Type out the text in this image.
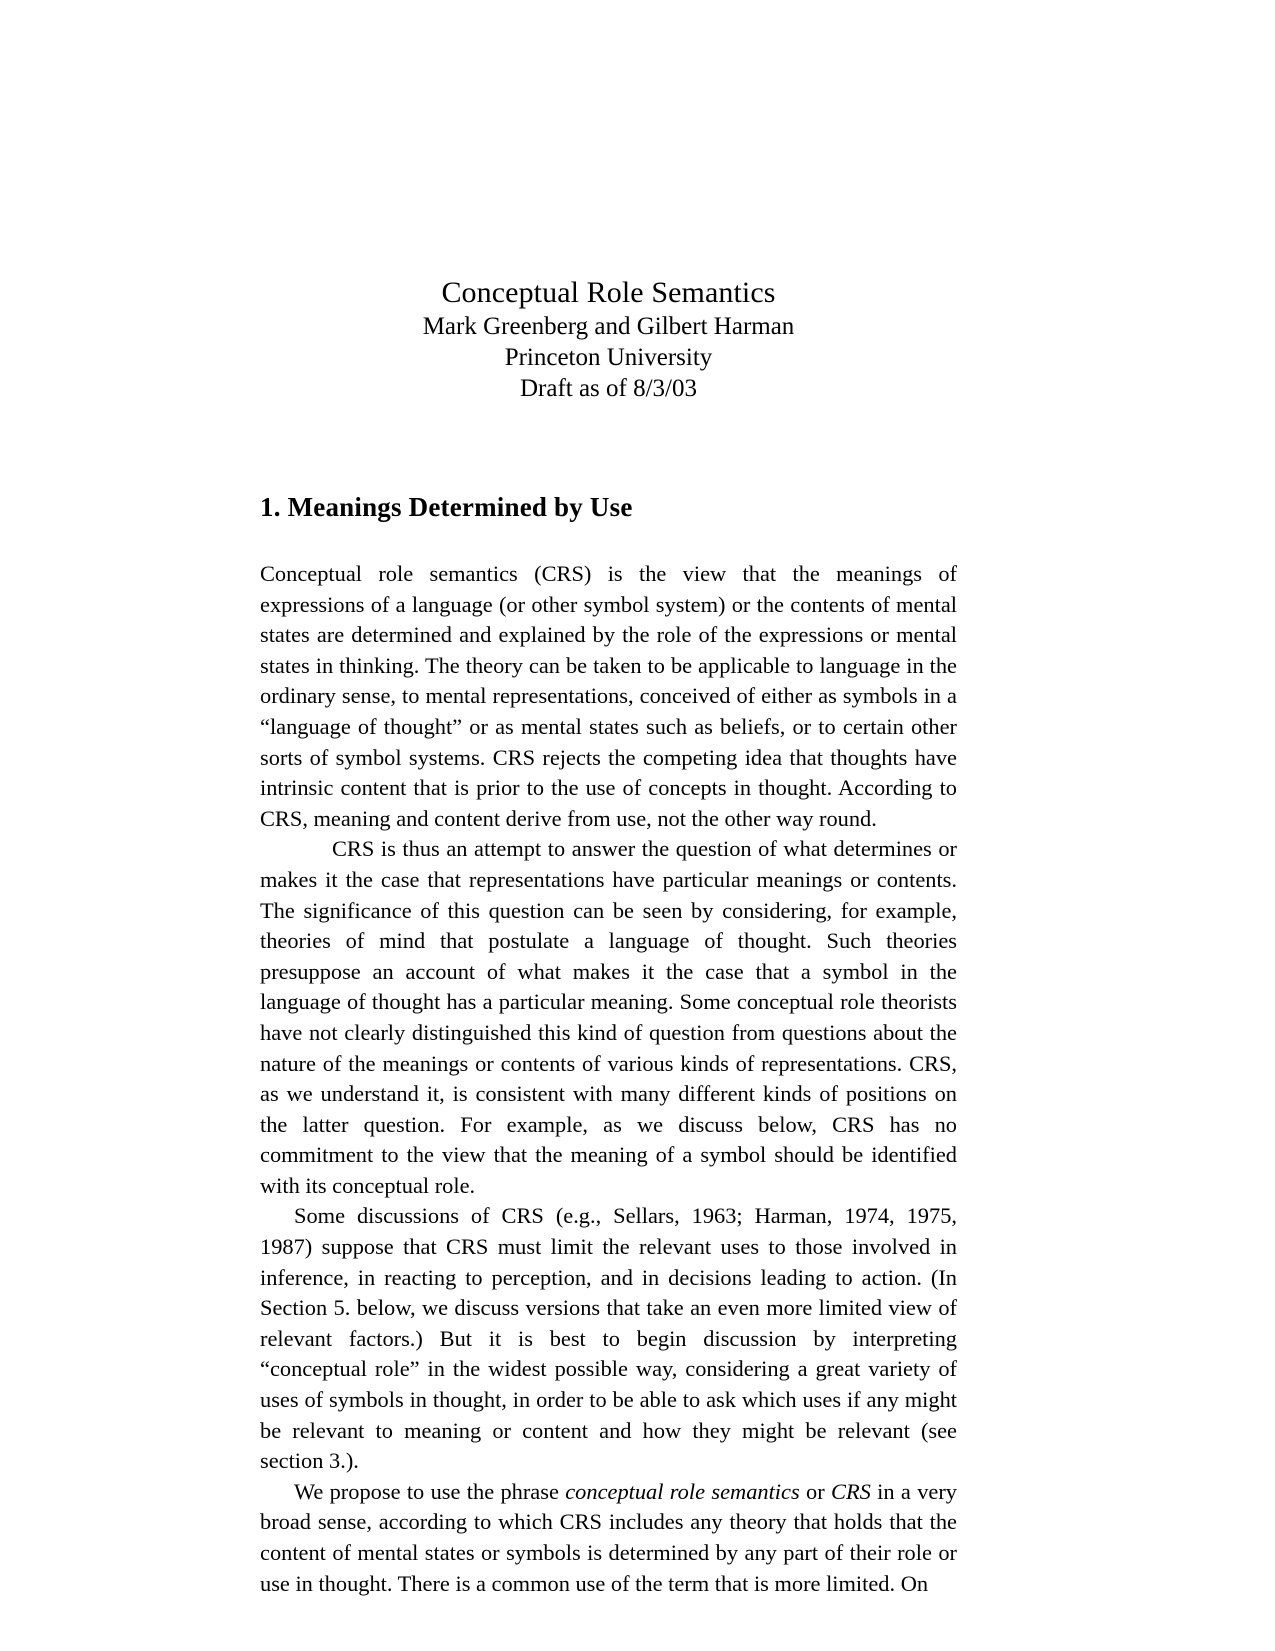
Conceptual Role Semantics
Mark Greenberg and Gilbert Harman
Princeton University
Draft as of 8/3/03
1. Meanings Determined by Use

Conceptual role semantics (CRS) is the view that the meanings of expressions of a language (or other symbol system) or the contents of mental states are determined and explained by the role of the expressions or mental states in thinking. The theory can be taken to be applicable to language in the ordinary sense, to mental representations, conceived of either as symbols in a “language of thought” or as mental states such as beliefs, or to certain other sorts of symbol systems. CRS rejects the competing idea that thoughts have intrinsic content that is prior to the use of concepts in thought. According to CRS, meaning and content derive from use, not the other way round.

CRS is thus an attempt to answer the question of what determines or makes it the case that representations have particular meanings or contents. The significance of this question can be seen by considering, for example, theories of mind that postulate a language of thought. Such theories presuppose an account of what makes it the case that a symbol in the language of thought has a particular meaning. Some conceptual role theorists have not clearly distinguished this kind of question from questions about the nature of the meanings or contents of various kinds of representations. CRS, as we understand it, is consistent with many different kinds of positions on the latter question. For example, as we discuss below, CRS has no commitment to the view that the meaning of a symbol should be identified with its conceptual role.

Some discussions of CRS (e.g., Sellars, 1963; Harman, 1974, 1975, 1987) suppose that CRS must limit the relevant uses to those involved in inference, in reacting to perception, and in decisions leading to action. (In Section 5. below, we discuss versions that take an even more limited view of relevant factors.) But it is best to begin discussion by interpreting “conceptual role” in the widest possible way, considering a great variety of uses of symbols in thought, in order to be able to ask which uses if any might be relevant to meaning or content and how they might be relevant (see section 3.).

We propose to use the phrase conceptual role semantics or CRS in a very broad sense, according to which CRS includes any theory that holds that the content of mental states or symbols is determined by any part of their role or use in thought. There is a common use of the term that is more limited. On
